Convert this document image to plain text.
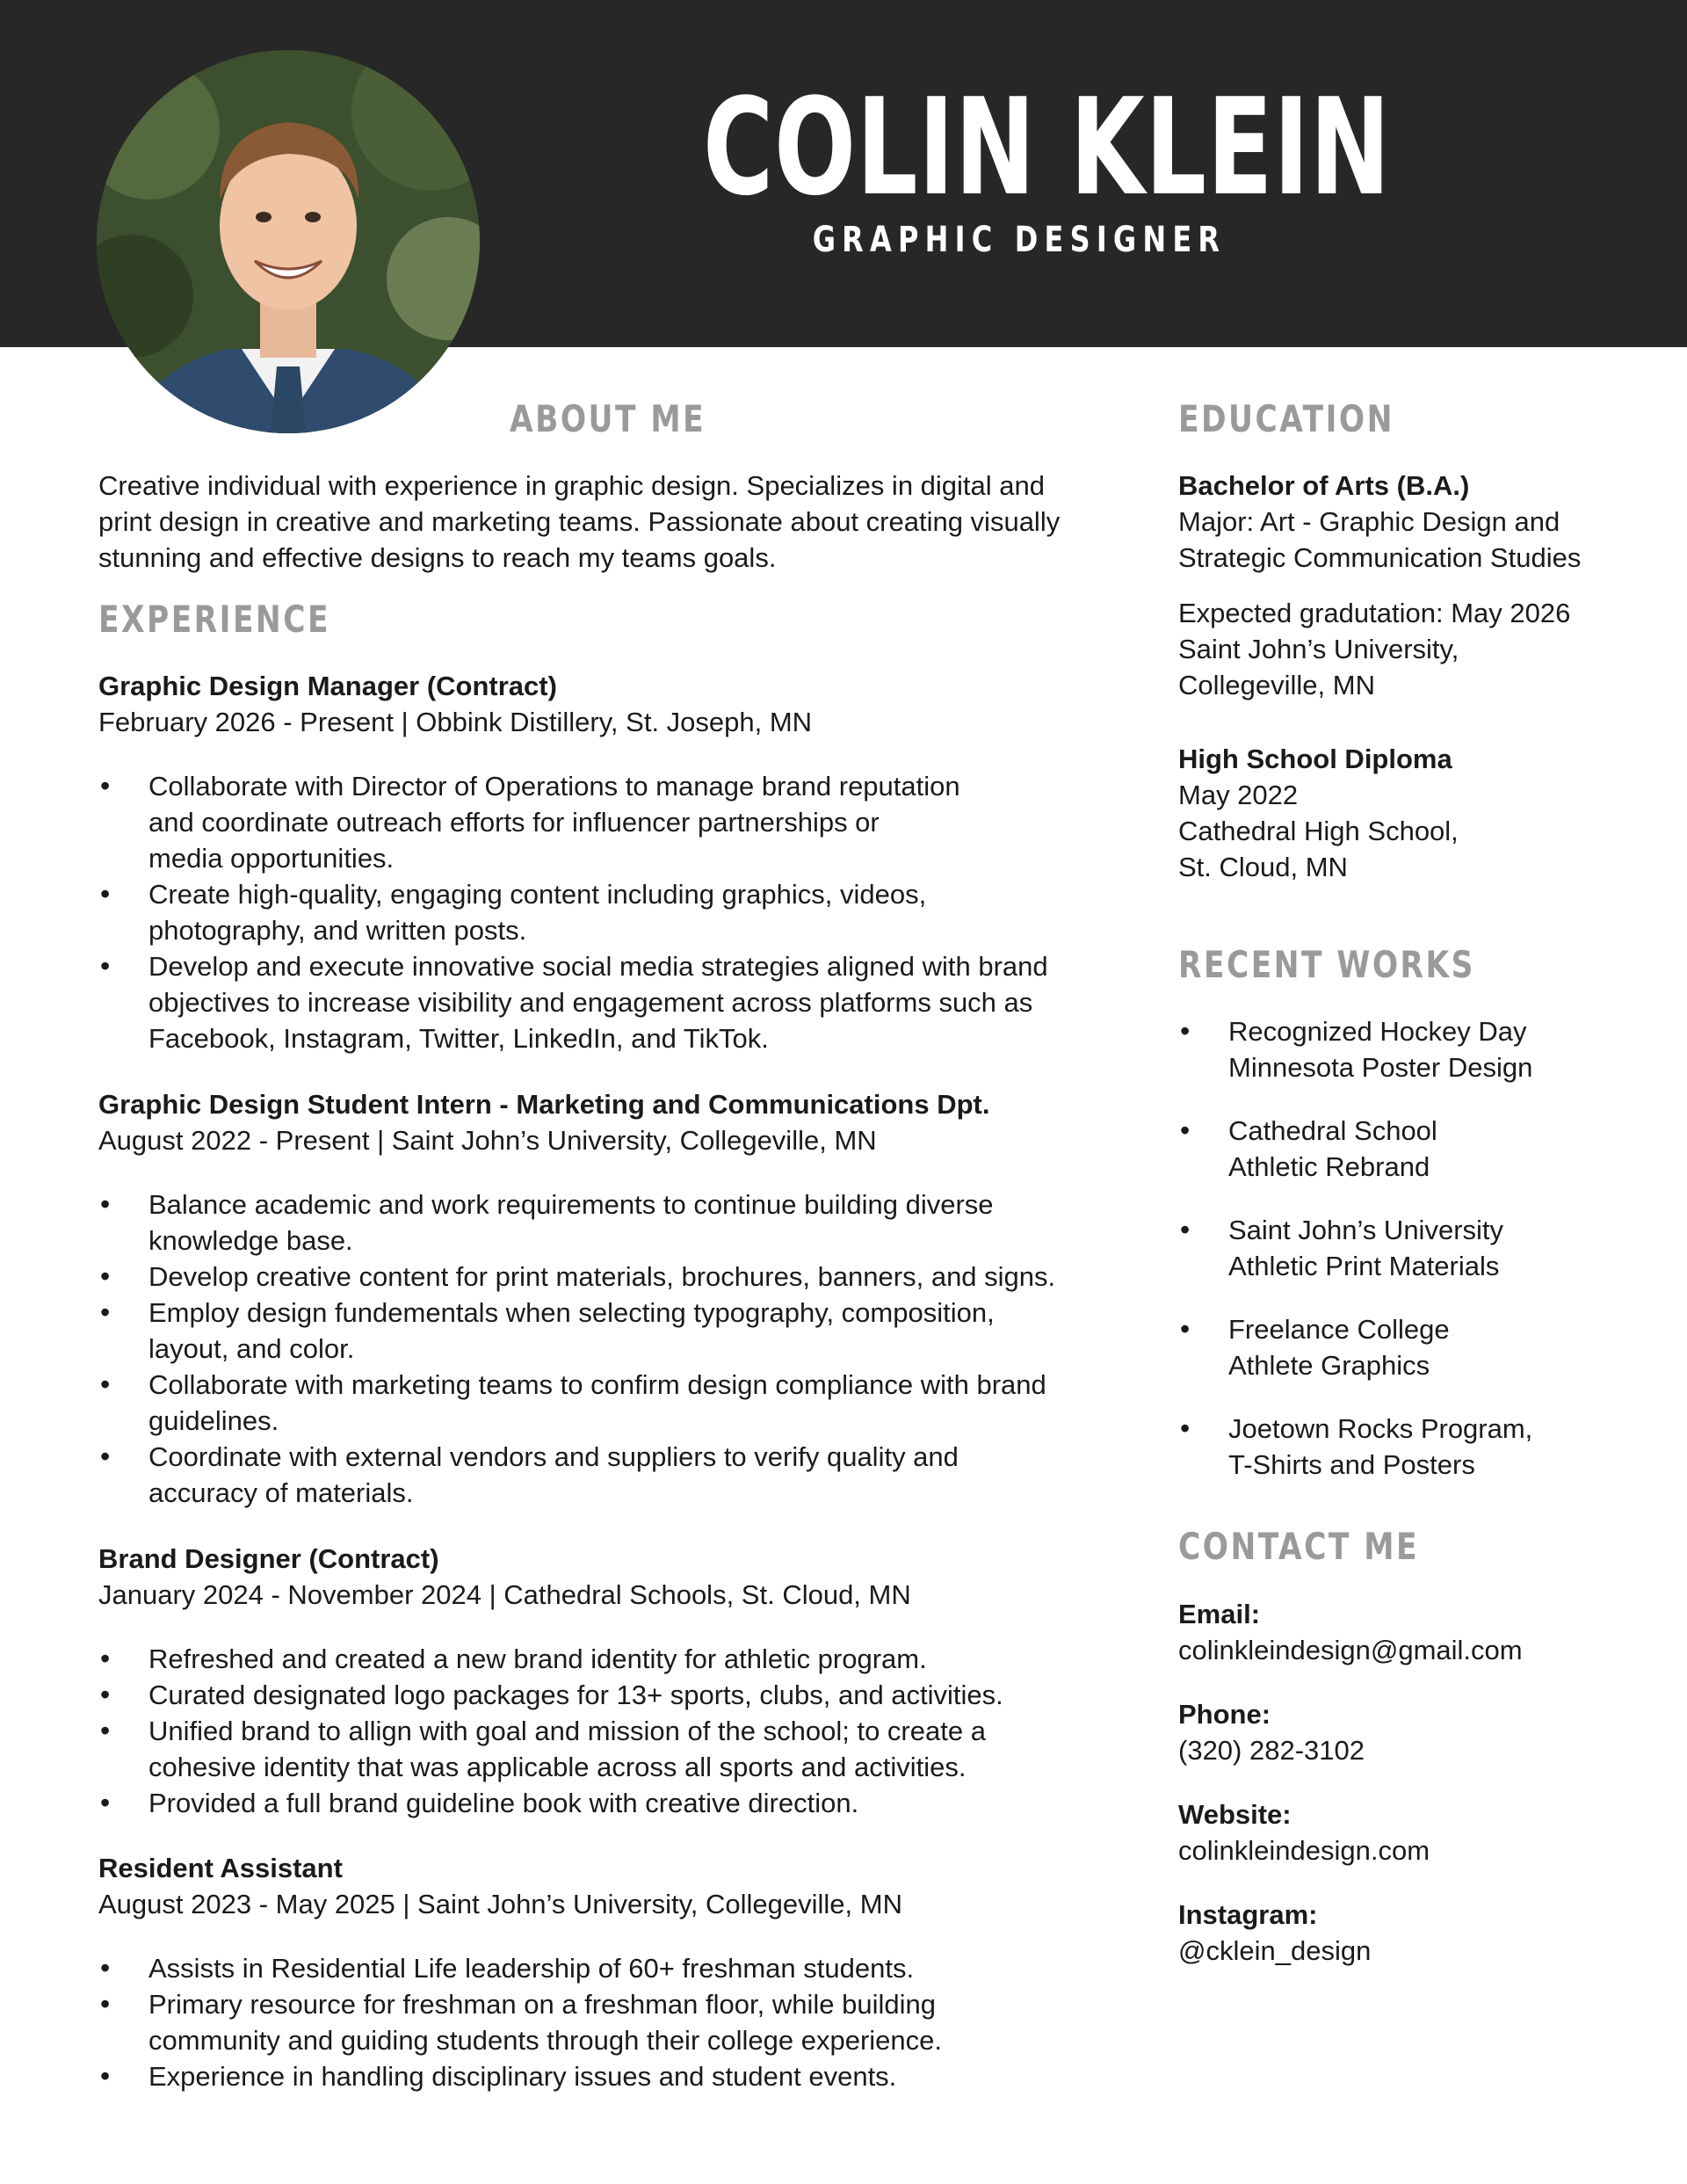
COLIN KLEIN
GRAPHIC DESIGNER
ABOUT ME
Creative individual with experience in graphic design. Specializes in digital and
print design in creative and marketing teams. Passionate about creating visually
stunning and effective designs to reach my teams goals.
EXPERIENCE
Graphic Design Manager (Contract)
February 2026 - Present | Obbink Distillery, St. Joseph, MN
• Collaborate with Director of Operations to manage brand reputation
and coordinate outreach efforts for influencer partnerships or
media opportunities.
• Create high-quality, engaging content including graphics, videos,
photography, and written posts.
• Develop and execute innovative social media strategies aligned with brand
objectives to increase visibility and engagement across platforms such as
Facebook, Instagram, Twitter, LinkedIn, and TikTok.
Graphic Design Student Intern - Marketing and Communications Dpt.
August 2022 - Present | Saint John’s University, Collegeville, MN
• Balance academic and work requirements to continue building diverse
knowledge base.
• Develop creative content for print materials, brochures, banners, and signs.
• Employ design fundementals when selecting typography, composition,
layout, and color.
• Collaborate with marketing teams to confirm design compliance with brand
guidelines.
• Coordinate with external vendors and suppliers to verify quality and
accuracy of materials.
Brand Designer (Contract)
January 2024 - November 2024 | Cathedral Schools, St. Cloud, MN
• Refreshed and created a new brand identity for athletic program.
• Curated designated logo packages for 13+ sports, clubs, and activities.
• Unified brand to allign with goal and mission of the school; to create a
cohesive identity that was applicable across all sports and activities.
• Provided a full brand guideline book with creative direction.
Resident Assistant
August 2023 - May 2025 | Saint John’s University, Collegeville, MN
• Assists in Residential Life leadership of 60+ freshman students.
• Primary resource for freshman on a freshman floor, while building
community and guiding students through their college experience.
• Experience in handling disciplinary issues and student events.
EDUCATION
Bachelor of Arts (B.A.)
Major: Art - Graphic Design and
Strategic Communication Studies
Expected gradutation: May 2026
Saint John’s University,
Collegeville, MN
High School Diploma
May 2022
Cathedral High School,
St. Cloud, MN
RECENT WORKS
• Recognized Hockey Day
Minnesota Poster Design
• Cathedral School
Athletic Rebrand
• Saint John’s University
Athletic Print Materials
• Freelance College
Athlete Graphics
• Joetown Rocks Program,
T-Shirts and Posters
CONTACT ME
Email:
colinkleindesign@gmail.com
Phone:
(320) 282-3102
Website:
colinkleindesign.com
Instagram:
@cklein_design
